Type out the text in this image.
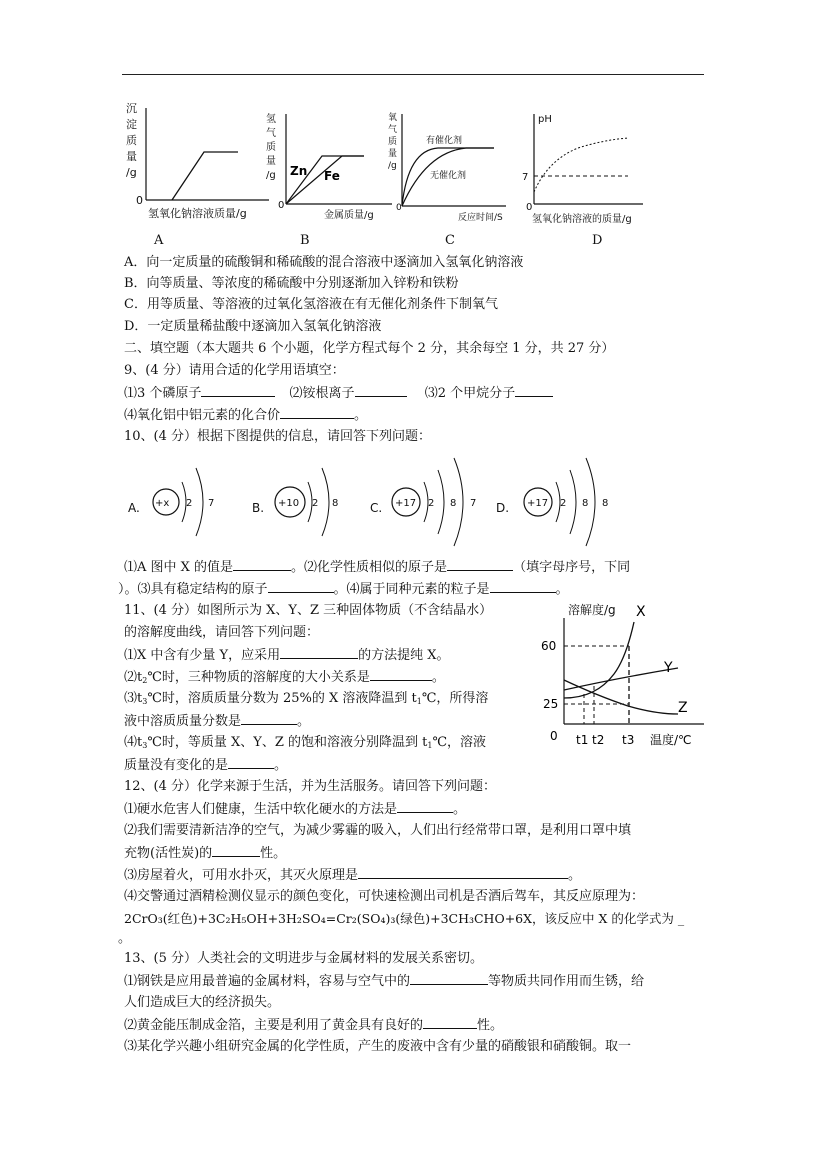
沉
淀
质
量
/g
0
氢氧化钠溶液质量/g
A
氢
气
质
量
/g
0
金属质量/g
Zn Fe
B
氧
气
质
量
/g
0
反应时间/S
有催化剂
无催化剂
C
pH
7
0
氢氧化钠溶液的质量/g
D
A．向一定质量的硫酸铜和稀硫酸的混合溶液中逐滴加入氢氧化钠溶液
B．向等质量、等浓度的稀硫酸中分别逐渐加入锌粉和铁粉
C．用等质量、等溶液的过氧化氢溶液在有无催化剂条件下制氧气
D．一定质量稀盐酸中逐滴加入氢氧化钠溶液
二、填空题（本大题共 6 个小题，化学方程式每个 2 分，其余每空 1 分，共 27 分）
9、(4 分）请用合适的化学用语填空：
⑴3 个磷原子	⑵铵根离子	⑶2 个甲烷分子
⑷氧化铝中铝元素的化合价	。
10、(4 分）根据下图提供的信息，请回答下列问题：
A. +x 2 7	B. +10 2 8	C. +17 2 8 7 D. +17 2 8 8
⑴A 图中 X 的值是	。⑵化学性质相似的原子是	（填字母序号，下同
）。⑶具有稳定结构的原子	。⑷属于同种元素的粒子是	。
11、(4 分）如图所示为 X、Y、Z 三种固体物质（不含结晶水）
的溶解度曲线，请回答下列问题：
⑴X 中含有少量 Y，应采用	的方法提纯 X。
$⑵t_2℃$时，三种物质的溶解度的大小关系是	。
$⑶t_3℃$时，溶质质量分数为 25%的 X 溶液降温到 $t_1℃$，所得溶
液中溶质质量分数是	。
$⑷t_3℃$时，等质量 X、Y、Z 的饱和溶液分别降温到 $t_1℃$，溶液
质量没有变化的是	。
溶解度/g
0
25
60
X
Y
Z
t1 t2 t3 温度/℃
12、(4 分）化学来源于生活，并为生活服务。请回答下列问题：
⑴硬水危害人们健康，生活中软化硬水的方法是	。
⑵我们需要清新洁净的空气，为减少雾霾的吸入，人们出行经常带口罩，是利用口罩中填
充物(活性炭)的	性。
⑶房屋着火，可用水扑灭，其灭火原理是	。
⑷交警通过酒精检测仪显示的颜色变化，可快速检测出司机是否酒后驾车，其反应原理为：
2CrO₃(红色)+3C₂H₅OH+3H₂SO₄=Cr₂(SO₄)₃(绿色)+3CH₃CHO+6X，该反应中 X 的化学式为 _
。
13、(5 分）人类社会的文明进步与金属材料的发展关系密切。
⑴钢铁是应用最普遍的金属材料，容易与空气中的	等物质共同作用而生锈，给
人们造成巨大的经济损失。
⑵黄金能压制成金箔，主要是利用了黄金具有良好的	性。
⑶某化学兴趣小组研究金属的化学性质，产生的废液中含有少量的硝酸银和硝酸铜。取一
